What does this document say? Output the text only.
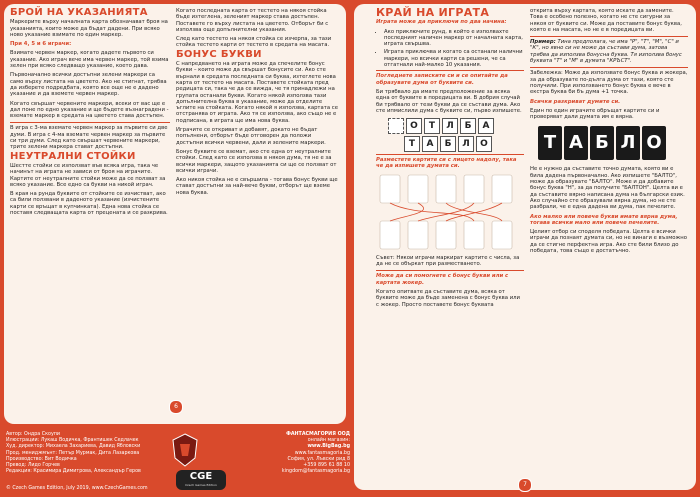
БРОЙ НА УКАЗАНИЯТА

Маркерите върху началната карта обозначават броя на указанията, които може да бъдат дадени. При всяко ново указание взимате по един маркер.

При 4, 5 и 6 играчи:

Взимате червен маркер, когато дадете първото си указание. Ако играч вече има червен маркер, той взима зелен при всяко следващо указание, което дава.

Първоначално всички достъпни зелени маркери са само върху листата на цветето. Ако не стигнат, трябва да изберете подредбата, която все още не е дадено указание и да вземете червен маркер.

Когато свършат червените маркери, всеки от вас ще е дал поне по едно указание и ще бъдете възнаградени - вземате маркер в средата на цветето става достъпен.

В игра с 3-ма вземате червен маркер за първите си две думи. В игра с 4-ма вземате червен маркер за първите си три думи. След като свършат червените маркери, трите зелени маркера стават достъпни.

НЕУТРАЛНИ СТОЙКИ

Шестте стойки се използват във всяка игра, така че начинът на играта не зависи от броя на играчите. Картите от неутралните стойки може да се ползват за всяко указание. Все едно са букви на никой играч.

В края на рунда буквите от стойките се изчистват, ако са били ползвани в даденото указание (изчистените карти се връщат в купчинката). Една нова стойка се поставя следващата карта от прецената и се разкрива.

Когато последната карта от тестето на някоя стойка бъде изтеглена, зеленият маркер става достъпен. Поставете го върху листата на цветето. Отборът би с използва още допълнителни указания.

След като тестето на някоя стойка се изчерпа, за тази стойка тестето карти от тестето в средата на масата.

БОНУС БУКВИ

С напредването на играта може да спечелите бонус букви – които може да свършат бонусите си. Ако сте върнали в средата последната си буква, изтеглете нова карта от тестето на масата. Поставете стойката пред редицата си, така че да се вижда, че тя принадлежи на групата останали букви. Когато някой използва тази допълнителна буква в указание, може да отделите ъглите на стойката. Когато някой я използва, картата се отстранява от играта. Ако тя се използва, ако също не е подписана, в играта ще има нова буква.

Играчите се откриват и добавят, докато не бъдат попълнени, отборът бъде отговорен да положи достъпни всички червени, дали и зелените маркери.

Бонус буквите се вземат, ако сте една от неутралните стойки. След като се използва в някоя дума, тя не е за всички маркери, защото указанията си ще се ползват от всички играчи.

Ако никоя стойка не е свършила - тогава бонус букви ще стават достъпни за най-вече букви, отборът ще вземе нова буква.

6
Автор: Ондра Скоупи
Илюстрации: Лукаш Водичка, Франтишек Седлачек
Худ. директор: Михаела Захариева, Давид Ябловски
Прод. мениджмънт: Петър Мурмак, Дита Лазаркова
Производство: Вит Водичка
Превод: Лидо Горчев
Редакция: Красимира Димитрова, Александър Геров	CGE
Czech Games Edition
ФАНТАСМАГОРИЯ ООД
онлайн магазин:
www.BigBag.bg
www.fantasmagoria.bg
София, ул. Лъвски рид 8
+359 895 61 88 10
kingdom@fantasmagoria.bg
© Czech Games Edition, July 2019, www.CzechGames.com
КРАЙ НА ИГРАТА

Играта може да приключи по два начина:

• Ако приключите рунд, в който е изполвахте последният наличен маркер от началната карта, играта свършва.
• Играта приключва и когато са останали налични маркери, но всички карти са решени, че са отгатнали най-малко 10 указания.

Погледнете записките си и се опитайте да образувате дума от буквите си.

Би трябвало да имате предположение за всяка една от буквите в поредицата ви. В добрия случай би трябвало от тези букви да се състави дума. Ако сте ипмислили дума с буквите си, първо изпишете.

О	Т	Л	Б	А
Т	А	Б	Л	О

Разместете картите си с лицето надолу, така че да изпишете думата си.

Съвет: Някои играчи маркират картите с числа, за да не се объркат при разместването.

Може да си помогнете с бонус букви или с картата жокер.

Когато опитвате да съставите дума, всяка от буквите може да бъде заменена с бонус буква или с жокер. Просто поставете бонус буквата

открита върху картата, която искате да замените. Това е особено полезно, когато не сте сигурни за някоя от буквите си. Може да поставите бонус буква, която е на масата, но не е в поредицата ви.

Пример: Тина предполага, че има "Р", "Т", "М", "С" и "К", но явно си не може да състави дума, затова трябва да използва бонусна буква. Тя използва бонус буквата "Т" и "М" в думата "КРЪСТ".

Забележка: Може да използвате бонус буква и жокера, за да образувате по-дълга дума от тази, която сте получили. При използването бонус буква е вече в екстра буква би бъ дума +1 точка.

Всички разкриват думите си.

Един по един играчите обръщат картите си и проверяват дали думата им е вярна.

Т А Б Л О

Не е нужно да съставите точно думата, която ви е била дадена първоначално. Ако изпишете "БАЛТО", може да образувате "БАЛТО". Може и да добавите бонус буква "Н", за да получите "БАЛТОН". Целта ви е да съставите вярно написана дума на български език. Ако случайно сте образували вярна дума, но не сте разбрали, че е една дадена ви дума, пак печелите.

Ако малко или повече букви имате вярна дума, тогава всички мало или повече печелите.

Целият отбор си споделя победата. Целта е всички играчи да познаят думата си, но не винаги е възможно да се стигне перфектна игра. Ако сте били близо до победата, това също е достатъчно.

7
